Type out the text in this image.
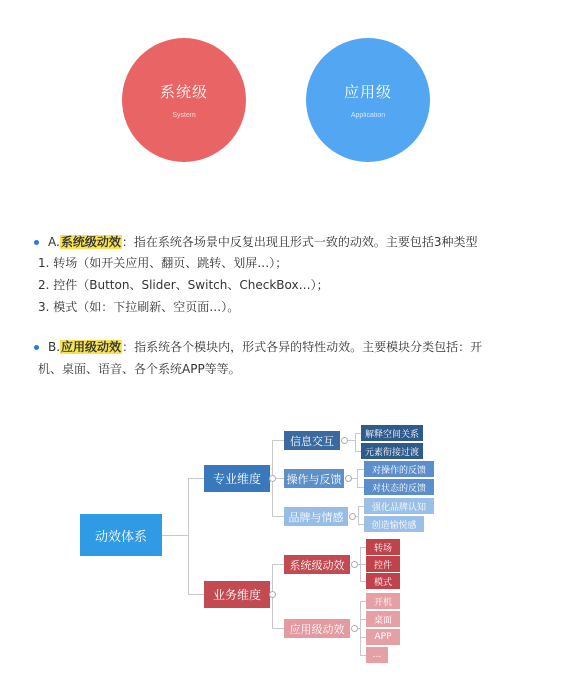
系统级
System
应用级
Application
A.系统级动效：指在系统各场景中反复出现且形式一致的动效。主要包括3种类型
1. 转场（如开关应用、翻页、跳转、划屏…）；
2. 控件（Button、Slider、Switch、CheckBox…）；
3. 模式（如：下拉刷新、空页面…）。
B.应用级动效：指系统各个模块内，形式各异的特性动效。主要模块分类包括：开
机、桌面、语音、各个系统APP等等。
动效体系
专业维度
业务维度
信息交互
操作与反馈
品牌与情感
系统级动效
应用级动效
解释空间关系
元素衔接过渡
对操作的反馈
对状态的反馈
强化品牌认知
创造愉悦感
转场
控件
模式
开机
桌面
APP
...
